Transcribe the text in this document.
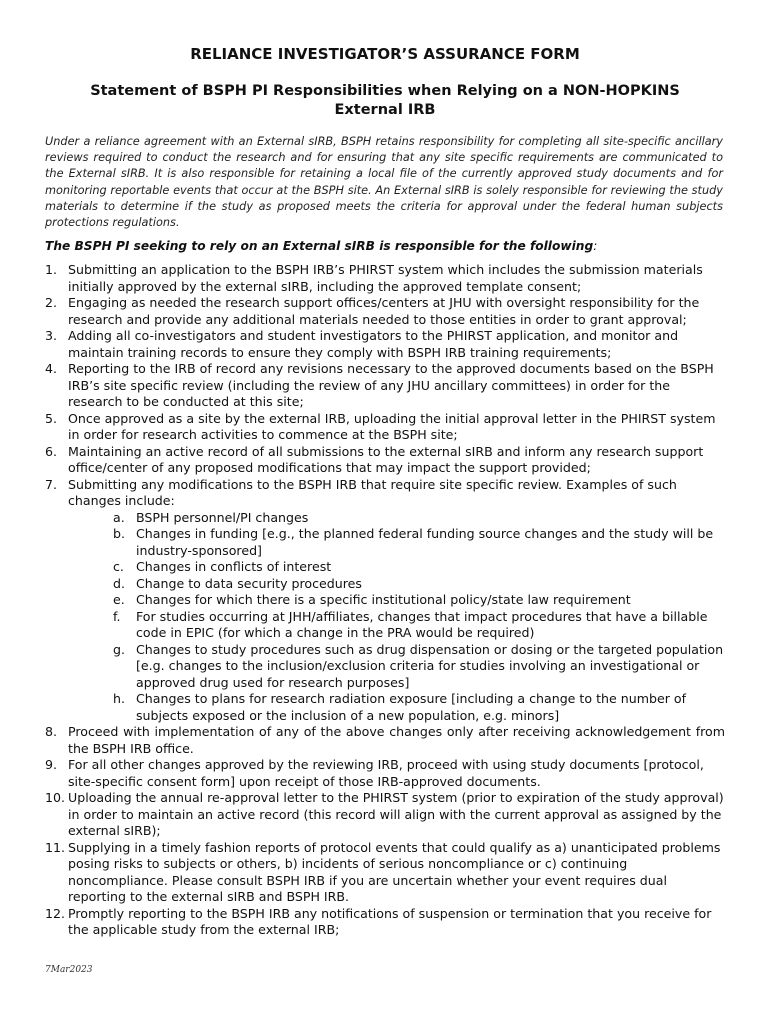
RELIANCE INVESTIGATOR’S ASSURANCE FORM
Statement of BSPH PI Responsibilities when Relying on a NON-HOPKINS External IRB
Under a reliance agreement with an External sIRB, BSPH retains responsibility for completing all site-specific ancillary reviews required to conduct the research and for ensuring that any site specific requirements are communicated to the External sIRB. It is also responsible for retaining a local file of the currently approved study documents and for monitoring reportable events that occur at the BSPH site. An External sIRB is solely responsible for reviewing the study materials to determine if the study as proposed meets the criteria for approval under the federal human subjects protections regulations.
The BSPH PI seeking to rely on an External sIRB is responsible for the following:
1. Submitting an application to the BSPH IRB’s PHIRST system which includes the submission materials initially approved by the external sIRB, including the approved template consent;
2. Engaging as needed the research support offices/centers at JHU with oversight responsibility for the research and provide any additional materials needed to those entities in order to grant approval;
3. Adding all co-investigators and student investigators to the PHIRST application, and monitor and maintain training records to ensure they comply with BSPH IRB training requirements;
4. Reporting to the IRB of record any revisions necessary to the approved documents based on the BSPH IRB’s site specific review (including the review of any JHU ancillary committees) in order for the research to be conducted at this site;
5. Once approved as a site by the external IRB, uploading the initial approval letter in the PHIRST system in order for research activities to commence at the BSPH site;
6. Maintaining an active record of all submissions to the external sIRB and inform any research support office/center of any proposed modifications that may impact the support provided;
7. Submitting any modifications to the BSPH IRB that require site specific review. Examples of such changes include:
a. BSPH personnel/PI changes
b. Changes in funding [e.g., the planned federal funding source changes and the study will be industry-sponsored]
c. Changes in conflicts of interest
d. Change to data security procedures
e. Changes for which there is a specific institutional policy/state law requirement
f. For studies occurring at JHH/affiliates, changes that impact procedures that have a billable code in EPIC (for which a change in the PRA would be required)
g. Changes to study procedures such as drug dispensation or dosing or the targeted population [e.g. changes to the inclusion/exclusion criteria for studies involving an investigational or approved drug used for research purposes]
h. Changes to plans for research radiation exposure [including a change to the number of subjects exposed or the inclusion of a new population, e.g. minors]
8. Proceed with implementation of any of the above changes only after receiving acknowledgement from the BSPH IRB office.
9. For all other changes approved by the reviewing IRB, proceed with using study documents [protocol, site-specific consent form] upon receipt of those IRB-approved documents.
10. Uploading the annual re-approval letter to the PHIRST system (prior to expiration of the study approval) in order to maintain an active record (this record will align with the current approval as assigned by the external sIRB);
11. Supplying in a timely fashion reports of protocol events that could qualify as a) unanticipated problems posing risks to subjects or others, b) incidents of serious noncompliance or c) continuing noncompliance. Please consult BSPH IRB if you are uncertain whether your event requires dual reporting to the external sIRB and BSPH IRB.
12. Promptly reporting to the BSPH IRB any notifications of suspension or termination that you receive for the applicable study from the external IRB;
7Mar2023
